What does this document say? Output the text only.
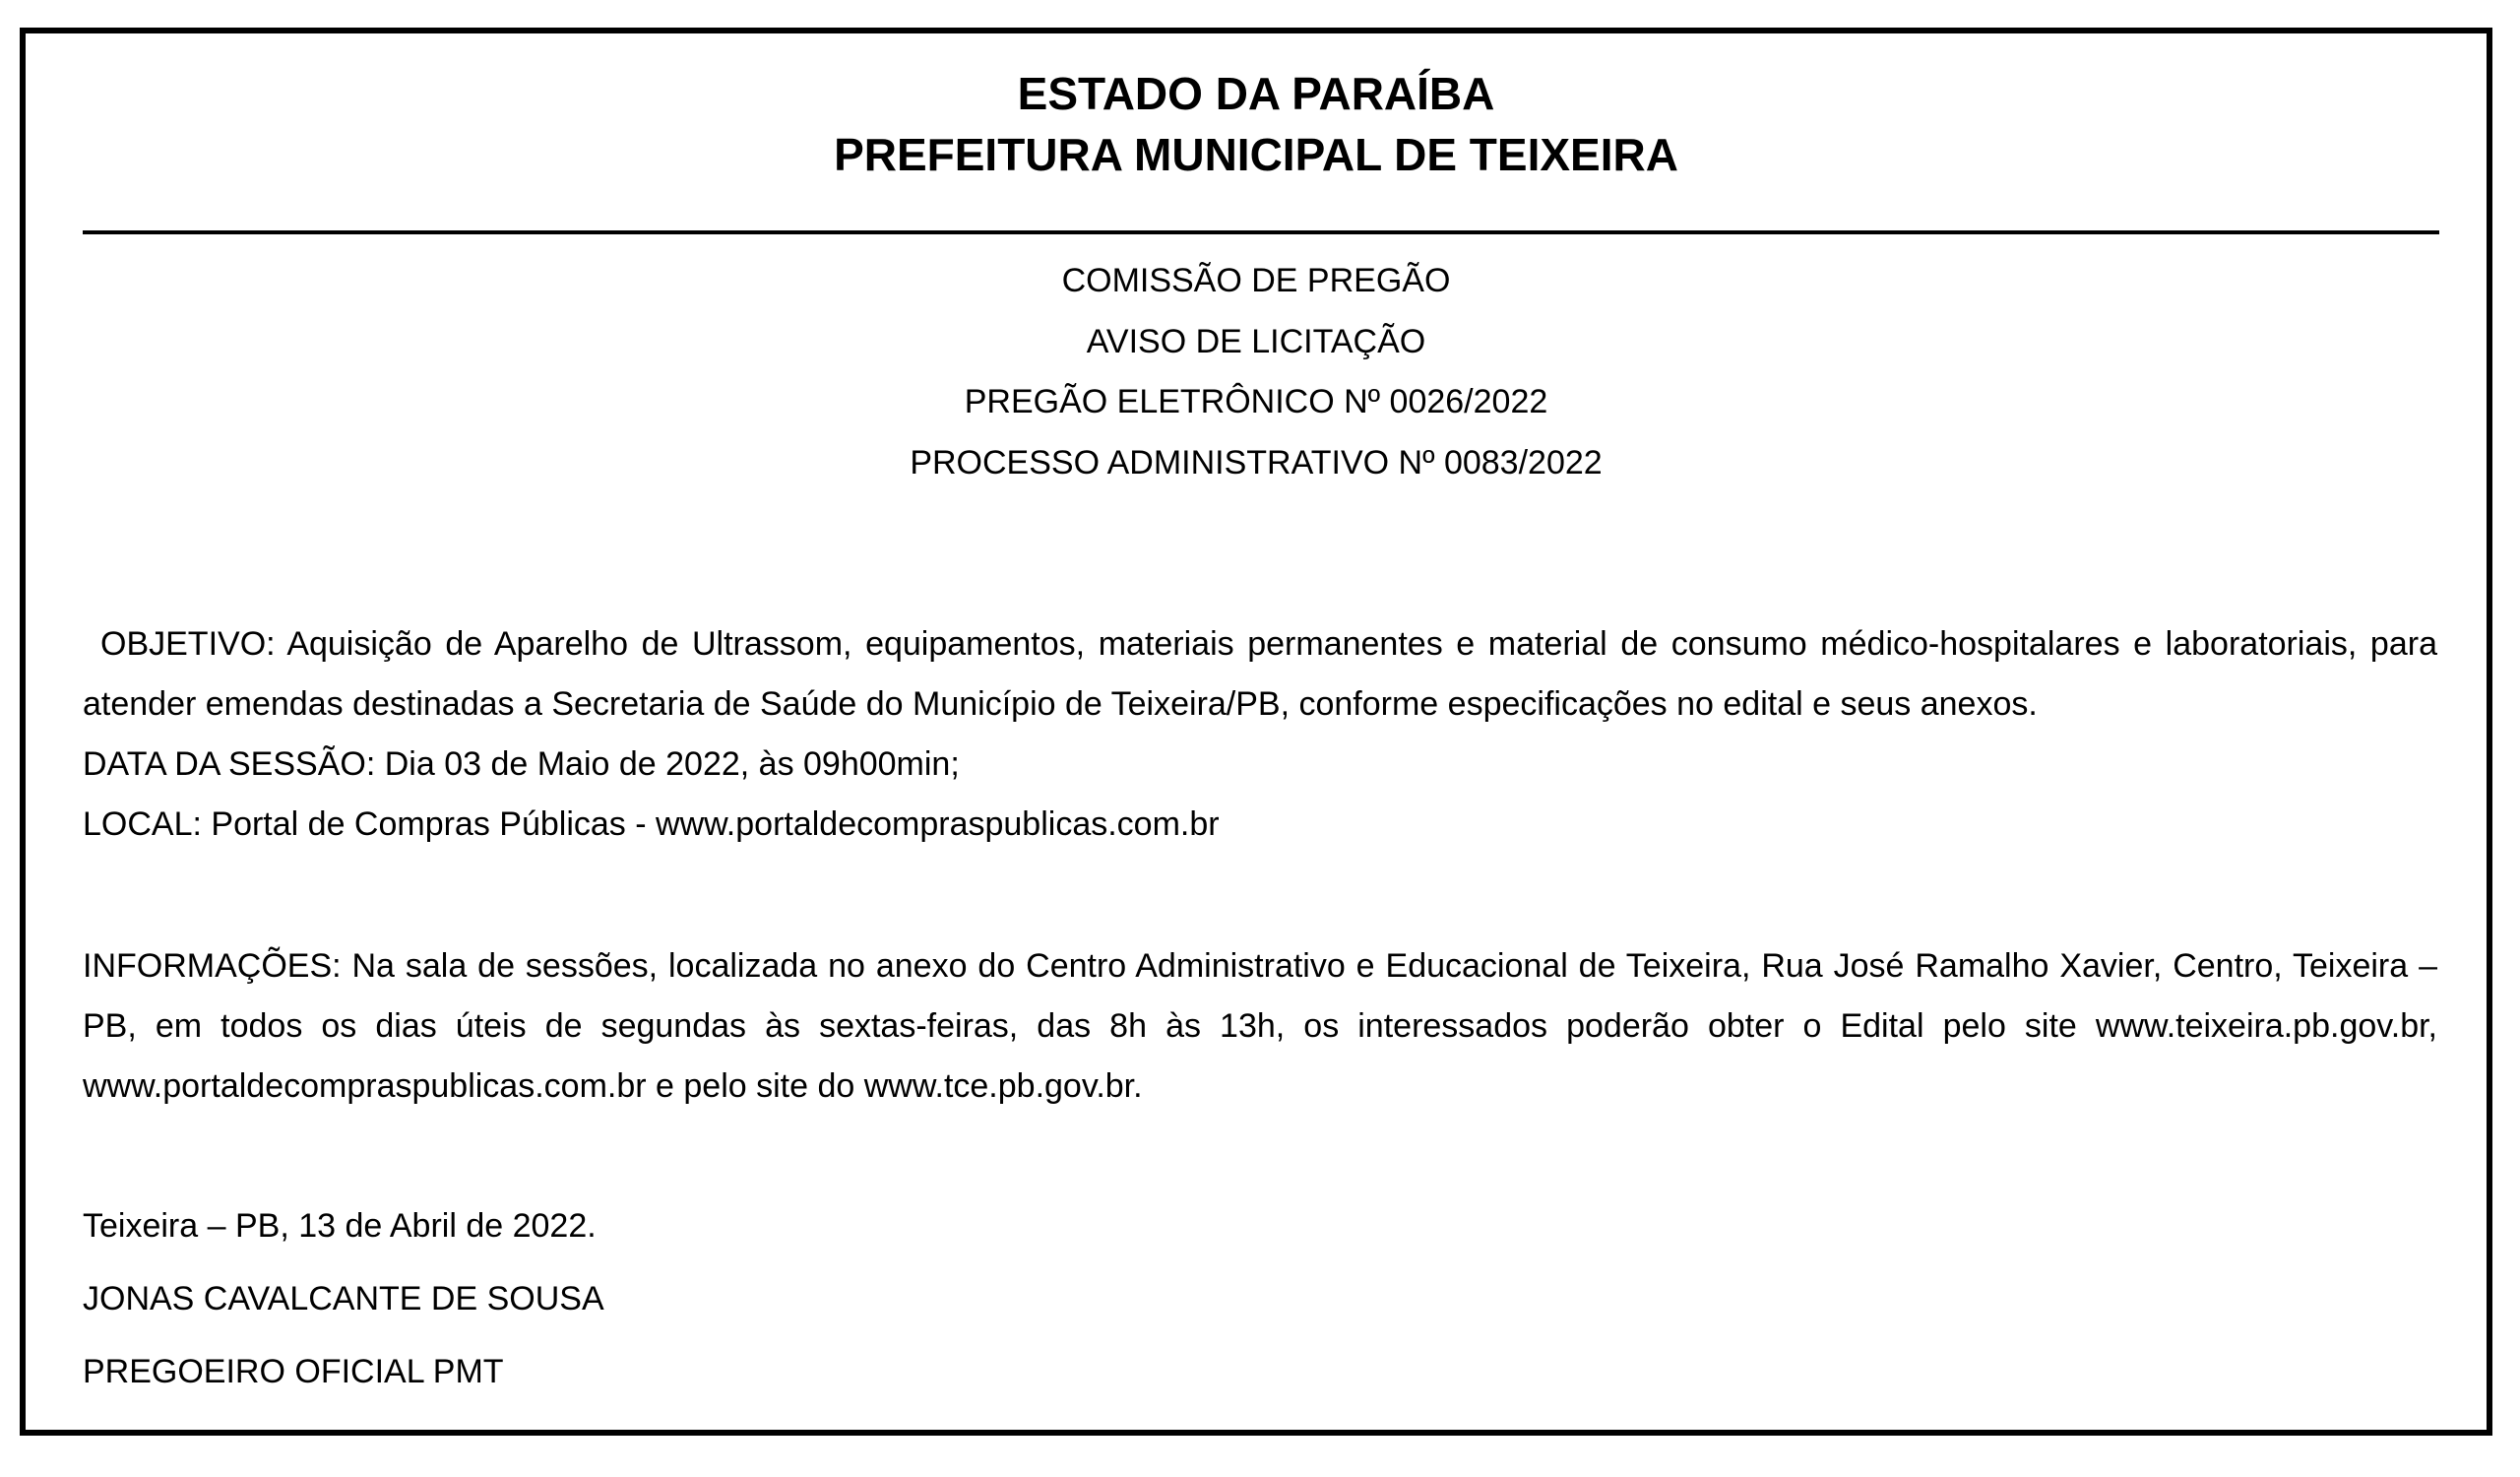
ESTADO DA PARAÍBA
PREFEITURA MUNICIPAL DE TEIXEIRA
COMISSÃO DE PREGÃO
AVISO DE LICITAÇÃO
PREGÃO ELETRÔNICO Nº 0026/2022
PROCESSO ADMINISTRATIVO Nº 0083/2022

OBJETIVO: Aquisição de Aparelho de Ultrassom, equipamentos, materiais permanentes e material de consumo médico-hospitalares e laboratoriais, para atender emendas destinadas a Secretaria de Saúde do Município de Teixeira/PB, conforme especificações no edital e seus anexos.

DATA DA SESSÃO: Dia 03 de Maio de 2022, às 09h00min;

LOCAL: Portal de Compras Públicas - www.portaldecompraspublicas.com.br

INFORMAÇÕES: Na sala de sessões, localizada no anexo do Centro Administrativo e Educacional de Teixeira, Rua José Ramalho Xavier, Centro, Teixeira – PB, em todos os dias úteis de segundas às sextas-feiras, das 8h às 13h, os interessados poderão obter o Edital pelo site www.teixeira.pb.gov.br, www.portaldecompraspublicas.com.br e pelo site do www.tce.pb.gov.br.

Teixeira – PB, 13 de Abril de 2022.
JONAS CAVALCANTE DE SOUSA
PREGOEIRO OFICIAL PMT
